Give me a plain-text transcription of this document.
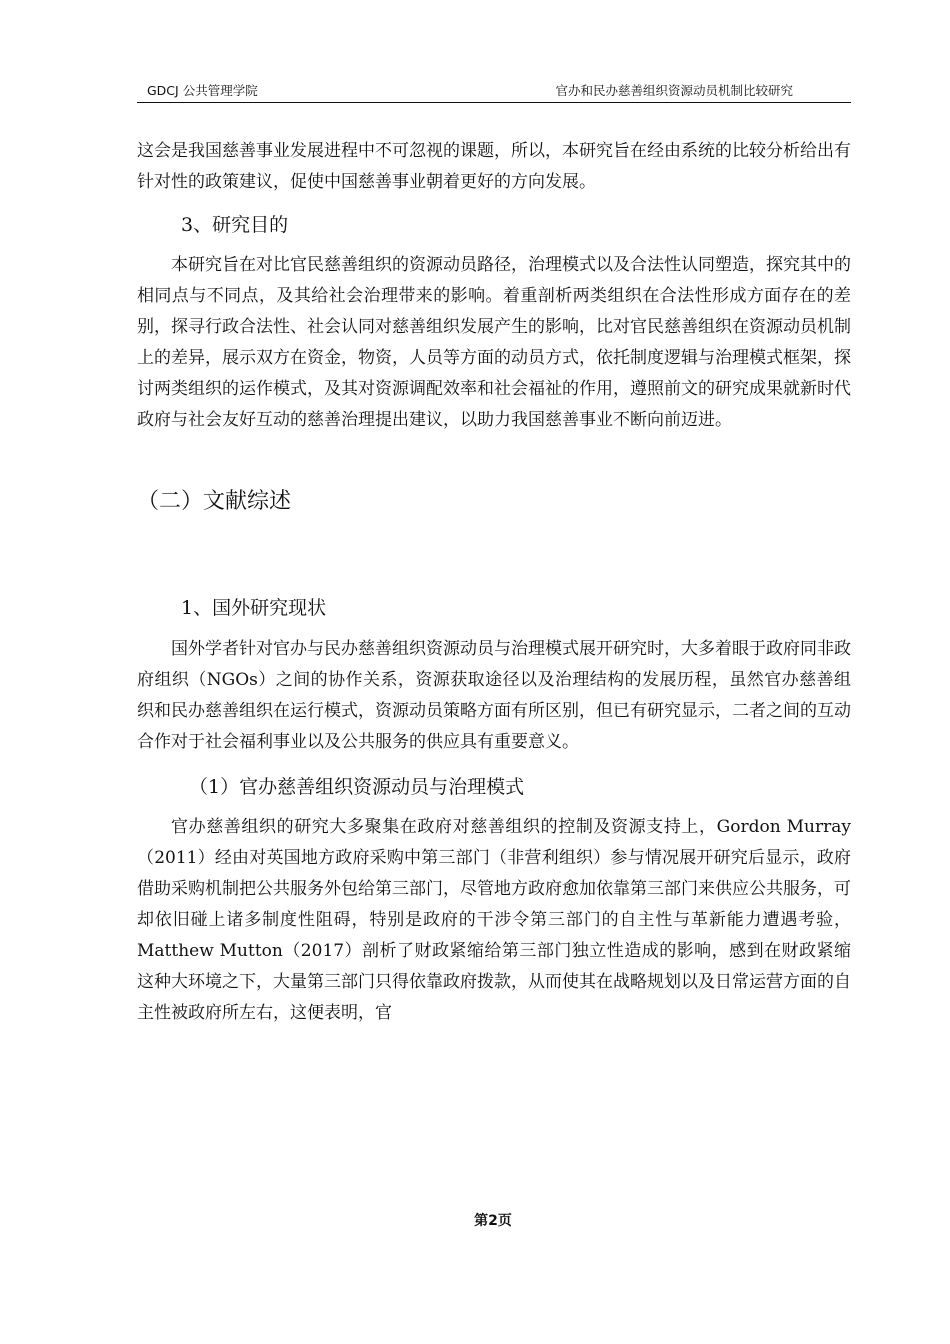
GDCJ 公共管理学院	官办和民办慈善组织资源动员机制比较研究

这会是我国慈善事业发展进程中不可忽视的课题，所以，本研究旨在经由系统的比较分析给出有针对性的政策建议，促使中国慈善事业朝着更好的方向发展。

3、研究目的

本研究旨在对比官民慈善组织的资源动员路径，治理模式以及合法性认同塑造，探究其中的相同点与不同点，及其给社会治理带来的影响。着重剖析两类组织在合法性形成方面存在的差别，探寻行政合法性、社会认同对慈善组织发展产生的影响，比对官民慈善组织在资源动员机制上的差异，展示双方在资金，物资，人员等方面的动员方式，依托制度逻辑与治理模式框架，探讨两类组织的运作模式，及其对资源调配效率和社会福祉的作用，遵照前文的研究成果就新时代政府与社会友好互动的慈善治理提出建议，以助力我国慈善事业不断向前迈进。

（二）文献综述
1、国外研究现状

国外学者针对官办与民办慈善组织资源动员与治理模式展开研究时，大多着眼于政府同非政府组织（NGOs）之间的协作关系，资源获取途径以及治理结构的发展历程，虽然官办慈善组织和民办慈善组织在运行模式，资源动员策略方面有所区别，但已有研究显示，二者之间的互动合作对于社会福利事业以及公共服务的供应具有重要意义。

（1）官办慈善组织资源动员与治理模式

官办慈善组织的研究大多聚集在政府对慈善组织的控制及资源支持上，Gordon Murray（2011）经由对英国地方政府采购中第三部门（非营利组织）参与情况展开研究后显示，政府借助采购机制把公共服务外包给第三部门，尽管地方政府愈加依靠第三部门来供应公共服务，可却依旧碰上诸多制度性阻碍，特别是政府的干涉令第三部门的自主性与革新能力遭遇考验，Matthew Mutton（2017）剖析了财政紧缩给第三部门独立性造成的影响，感到在财政紧缩这种大环境之下，大量第三部门只得依靠政府拨款，从而使其在战略规划以及日常运营方面的自主性被政府所左右，这便表明，官

第2页
